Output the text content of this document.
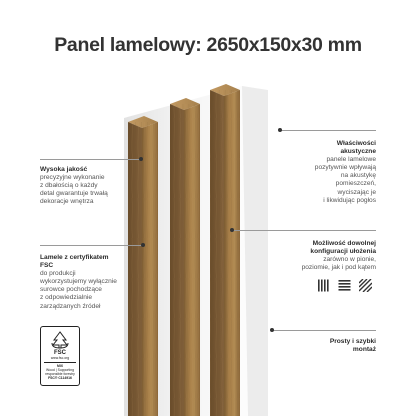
Panel lamelowy: 2650x150x30 mm
Wysoka jakość
precyzyjne wykonanie
z dbałością o każdy
detal gwarantuje trwałą
dekoracje wnętrza
Lamele z certyfikatem
FSC
do produkcji
wykorzystujemy wyłącznie
surowce pochodzące
z odpowiedzialnie
zarządzanych źródeł
FSC
www.fsc.org
MIX
Wood | Supporting
responsible forestry
FSC® C114916
Właściwości
akustyczne
panele lamelowe
pozytywnie wpływają
na akustykę
pomieszczeń,
wyciszając je
i likwidując pogłos
Możliwość dowolnej
konfiguracji ułożenia
zarówno w pionie,
poziomie, jak i pod kątem
Prosty i szybki
montaż
